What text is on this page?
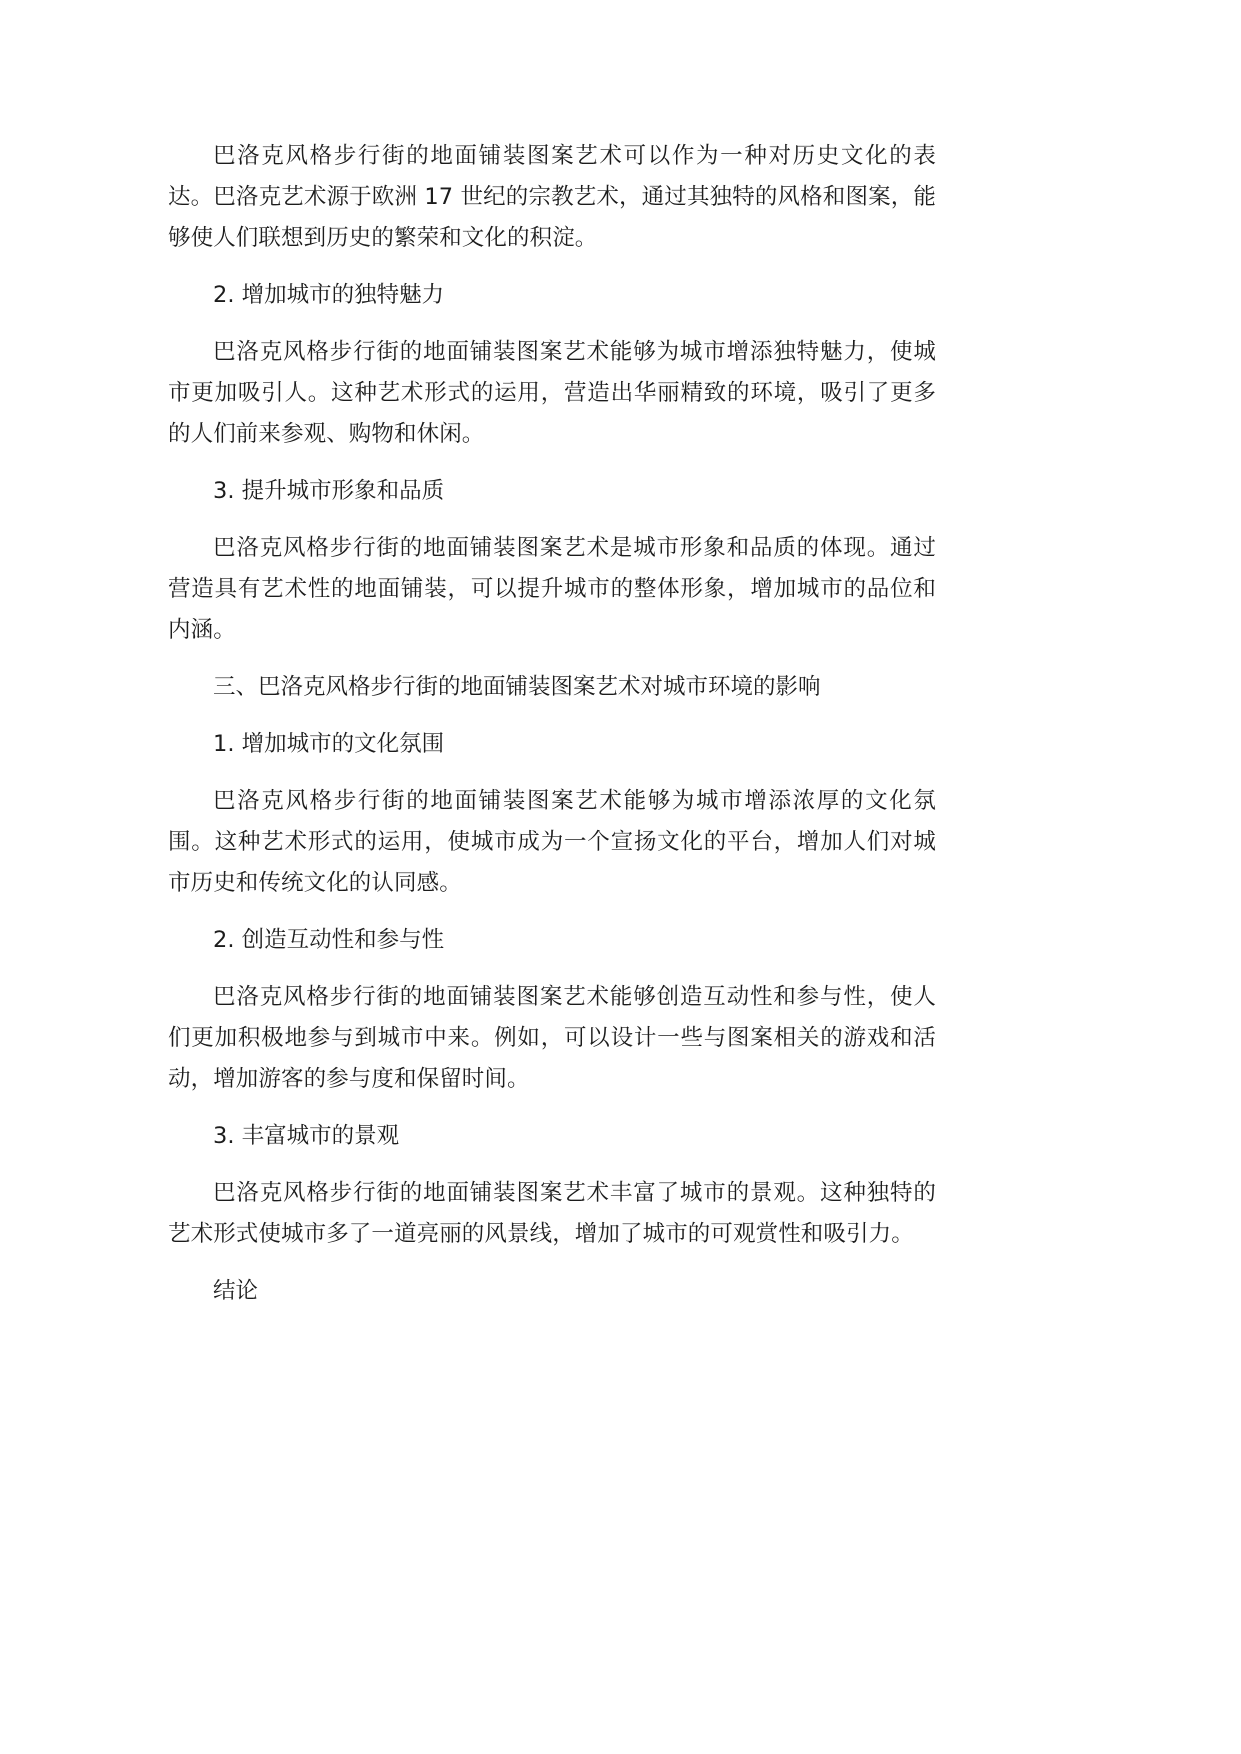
巴洛克风格步行街的地面铺装图案艺术可以作为一种对历史文化的表达。巴洛克艺术源于欧洲 17 世纪的宗教艺术，通过其独特的风格和图案，能够使人们联想到历史的繁荣和文化的积淀。

2. 增加城市的独特魅力

巴洛克风格步行街的地面铺装图案艺术能够为城市增添独特魅力，使城市更加吸引人。这种艺术形式的运用，营造出华丽精致的环境，吸引了更多的人们前来参观、购物和休闲。

3. 提升城市形象和品质

巴洛克风格步行街的地面铺装图案艺术是城市形象和品质的体现。通过营造具有艺术性的地面铺装，可以提升城市的整体形象，增加城市的品位和内涵。

三、巴洛克风格步行街的地面铺装图案艺术对城市环境的影响

1. 增加城市的文化氛围

巴洛克风格步行街的地面铺装图案艺术能够为城市增添浓厚的文化氛围。这种艺术形式的运用，使城市成为一个宣扬文化的平台，增加人们对城市历史和传统文化的认同感。

2. 创造互动性和参与性

巴洛克风格步行街的地面铺装图案艺术能够创造互动性和参与性，使人们更加积极地参与到城市中来。例如，可以设计一些与图案相关的游戏和活动，增加游客的参与度和保留时间。

3. 丰富城市的景观

巴洛克风格步行街的地面铺装图案艺术丰富了城市的景观。这种独特的艺术形式使城市多了一道亮丽的风景线，增加了城市的可观赏性和吸引力。

结论
